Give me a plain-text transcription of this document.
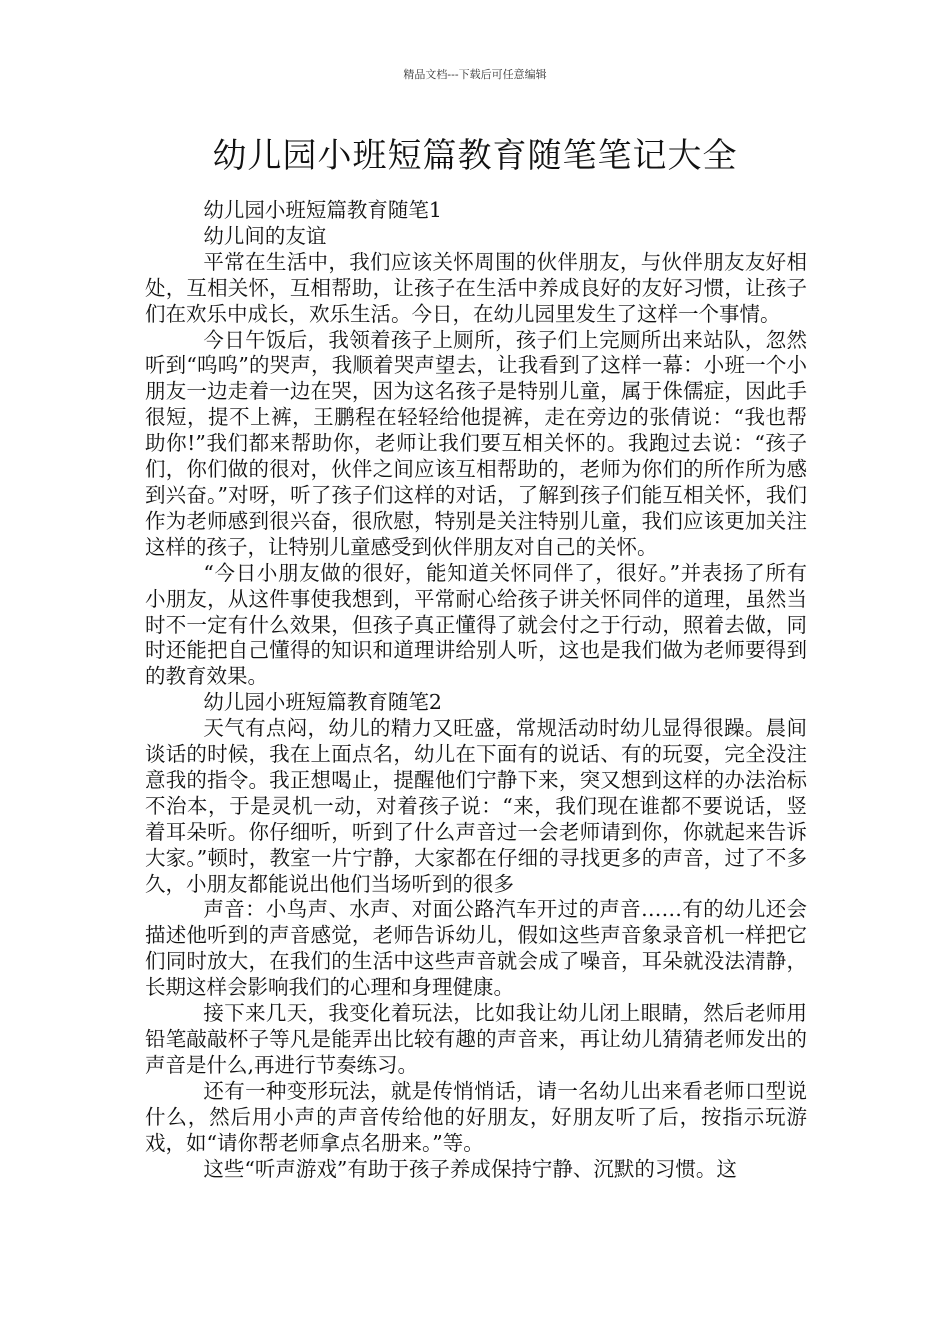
精品文档---下载后可任意编辑
幼儿园小班短篇教育随笔笔记大全

幼儿园小班短篇教育随笔1

幼儿间的友谊

平常在生活中，我们应该关怀周围的伙伴朋友，与伙伴朋友友好相处，互相关怀，互相帮助，让孩子在生活中养成良好的友好习惯，让孩子们在欢乐中成长，欢乐生活。今日，在幼儿园里发生了这样一个事情。

今日午饭后，我领着孩子上厕所，孩子们上完厕所出来站队，忽然听到“呜呜”的哭声，我顺着哭声望去，让我看到了这样一幕：小班一个小朋友一边走着一边在哭，因为这名孩子是特别儿童，属于侏儒症，因此手很短，提不上裤，王鹏程在轻轻给他提裤，走在旁边的张倩说：“我也帮助你!”我们都来帮助你，老师让我们要互相关怀的。我跑过去说：“孩子们，你们做的很对，伙伴之间应该互相帮助的，老师为你们的所作所为感到兴奋。”对呀，听了孩子们这样的对话，了解到孩子们能互相关怀，我们作为老师感到很兴奋，很欣慰，特别是关注特别儿童，我们应该更加关注这样的孩子，让特别儿童感受到伙伴朋友对自己的关怀。

“今日小朋友做的很好，能知道关怀同伴了，很好。”并表扬了所有小朋友，从这件事使我想到，平常耐心给孩子讲关怀同伴的道理，虽然当时不一定有什么效果，但孩子真正懂得了就会付之于行动，照着去做，同时还能把自己懂得的知识和道理讲给别人听，这也是我们做为老师要得到的教育效果。

幼儿园小班短篇教育随笔2

天气有点闷，幼儿的精力又旺盛，常规活动时幼儿显得很躁。晨间谈话的时候，我在上面点名，幼儿在下面有的说话、有的玩耍，完全没注意我的指令。我正想喝止，提醒他们宁静下来，突又想到这样的办法治标不治本，于是灵机一动，对着孩子说：“来，我们现在谁都不要说话，竖着耳朵听。你仔细听，听到了什么声音过一会老师请到你，你就起来告诉大家。”顿时，教室一片宁静，大家都在仔细的寻找更多的声音，过了不多久，小朋友都能说出他们当场听到的很多

声音：小鸟声、水声、对面公路汽车开过的声音……有的幼儿还会描述他听到的声音感觉，老师告诉幼儿，假如这些声音象录音机一样把它们同时放大，在我们的生活中这些声音就会成了噪音，耳朵就没法清静，长期这样会影响我们的心理和身理健康。

接下来几天，我变化着玩法，比如我让幼儿闭上眼睛，然后老师用铅笔敲敲杯子等凡是能弄出比较有趣的声音来，再让幼儿猜猜老师发出的声音是什么,再进行节奏练习。

还有一种变形玩法，就是传悄悄话，请一名幼儿出来看老师口型说什么，然后用小声的声音传给他的好朋友，好朋友听了后，按指示玩游戏，如“请你帮老师拿点名册来。”等。

这些“听声游戏”有助于孩子养成保持宁静、沉默的习惯。这
